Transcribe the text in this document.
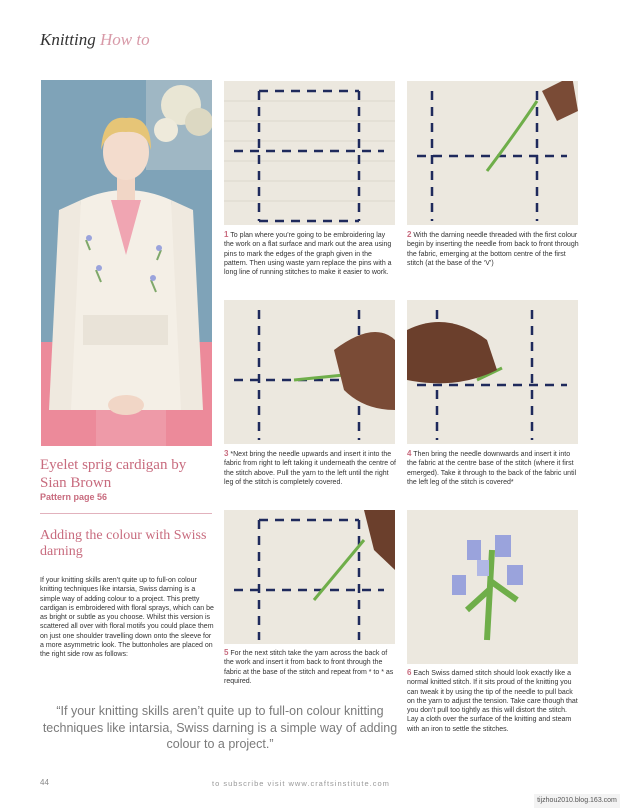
Knitting How to
Eyelet sprig cardigan by Sian Brown
Pattern page 56
Adding the colour with Swiss darning
If your knitting skills aren’t quite up to full-on colour knitting techniques like intarsia, Swiss darning is a simple way of adding colour to a project. This pretty cardigan is embroidered with floral sprays, which can be as bright or subtle as you choose. Whilst this version is scattered all over with floral motifs you could place them on just one shoulder travelling down onto the sleeve for a more asymmetric look. The buttonholes are placed on the right side row as follows:
1 To plan where you’re going to be embroidering lay the work on a flat surface and mark out the area using pins to mark the edges of the graph given in the pattern. Then using waste yarn replace the pins with a long line of running stitches to make it easier to work.
2 With the darning needle threaded with the first colour begin by inserting the needle from back to front through the fabric, emerging at the bottom centre of the first stitch (at the base of the ‘V’)
3 *Next bring the needle upwards and insert it into the fabric from right to left taking it underneath the centre of the stitch above. Pull the yarn to the left until the right leg of the stitch is completely covered.
4 Then bring the needle downwards and insert it into the fabric at the centre base of the stitch (where it first emerged). Take it through to the back of the fabric until the left leg of the stitch is covered*
5 For the next stitch take the yarn across the back of the work and insert it from back to front through the fabric at the base of the stitch and repeat from * to * as required.
6 Each Swiss darned stitch should look exactly like a normal knitted stitch. If it sits proud of the knitting you can tweak it by using the tip of the needle to pull back on the yarn to adjust the tension. Take care though that you don’t pull too tightly as this will distort the stitch. Lay a cloth over the surface of the knitting and steam with an iron to settle the stitches.
“If your knitting skills aren’t quite up to full-on colour knitting techniques like intarsia, Swiss darning is a simple way of adding colour to a project.”
44	to subscribe visit www.craftsinstitute.com
tijzhou2010.blog.163.com
